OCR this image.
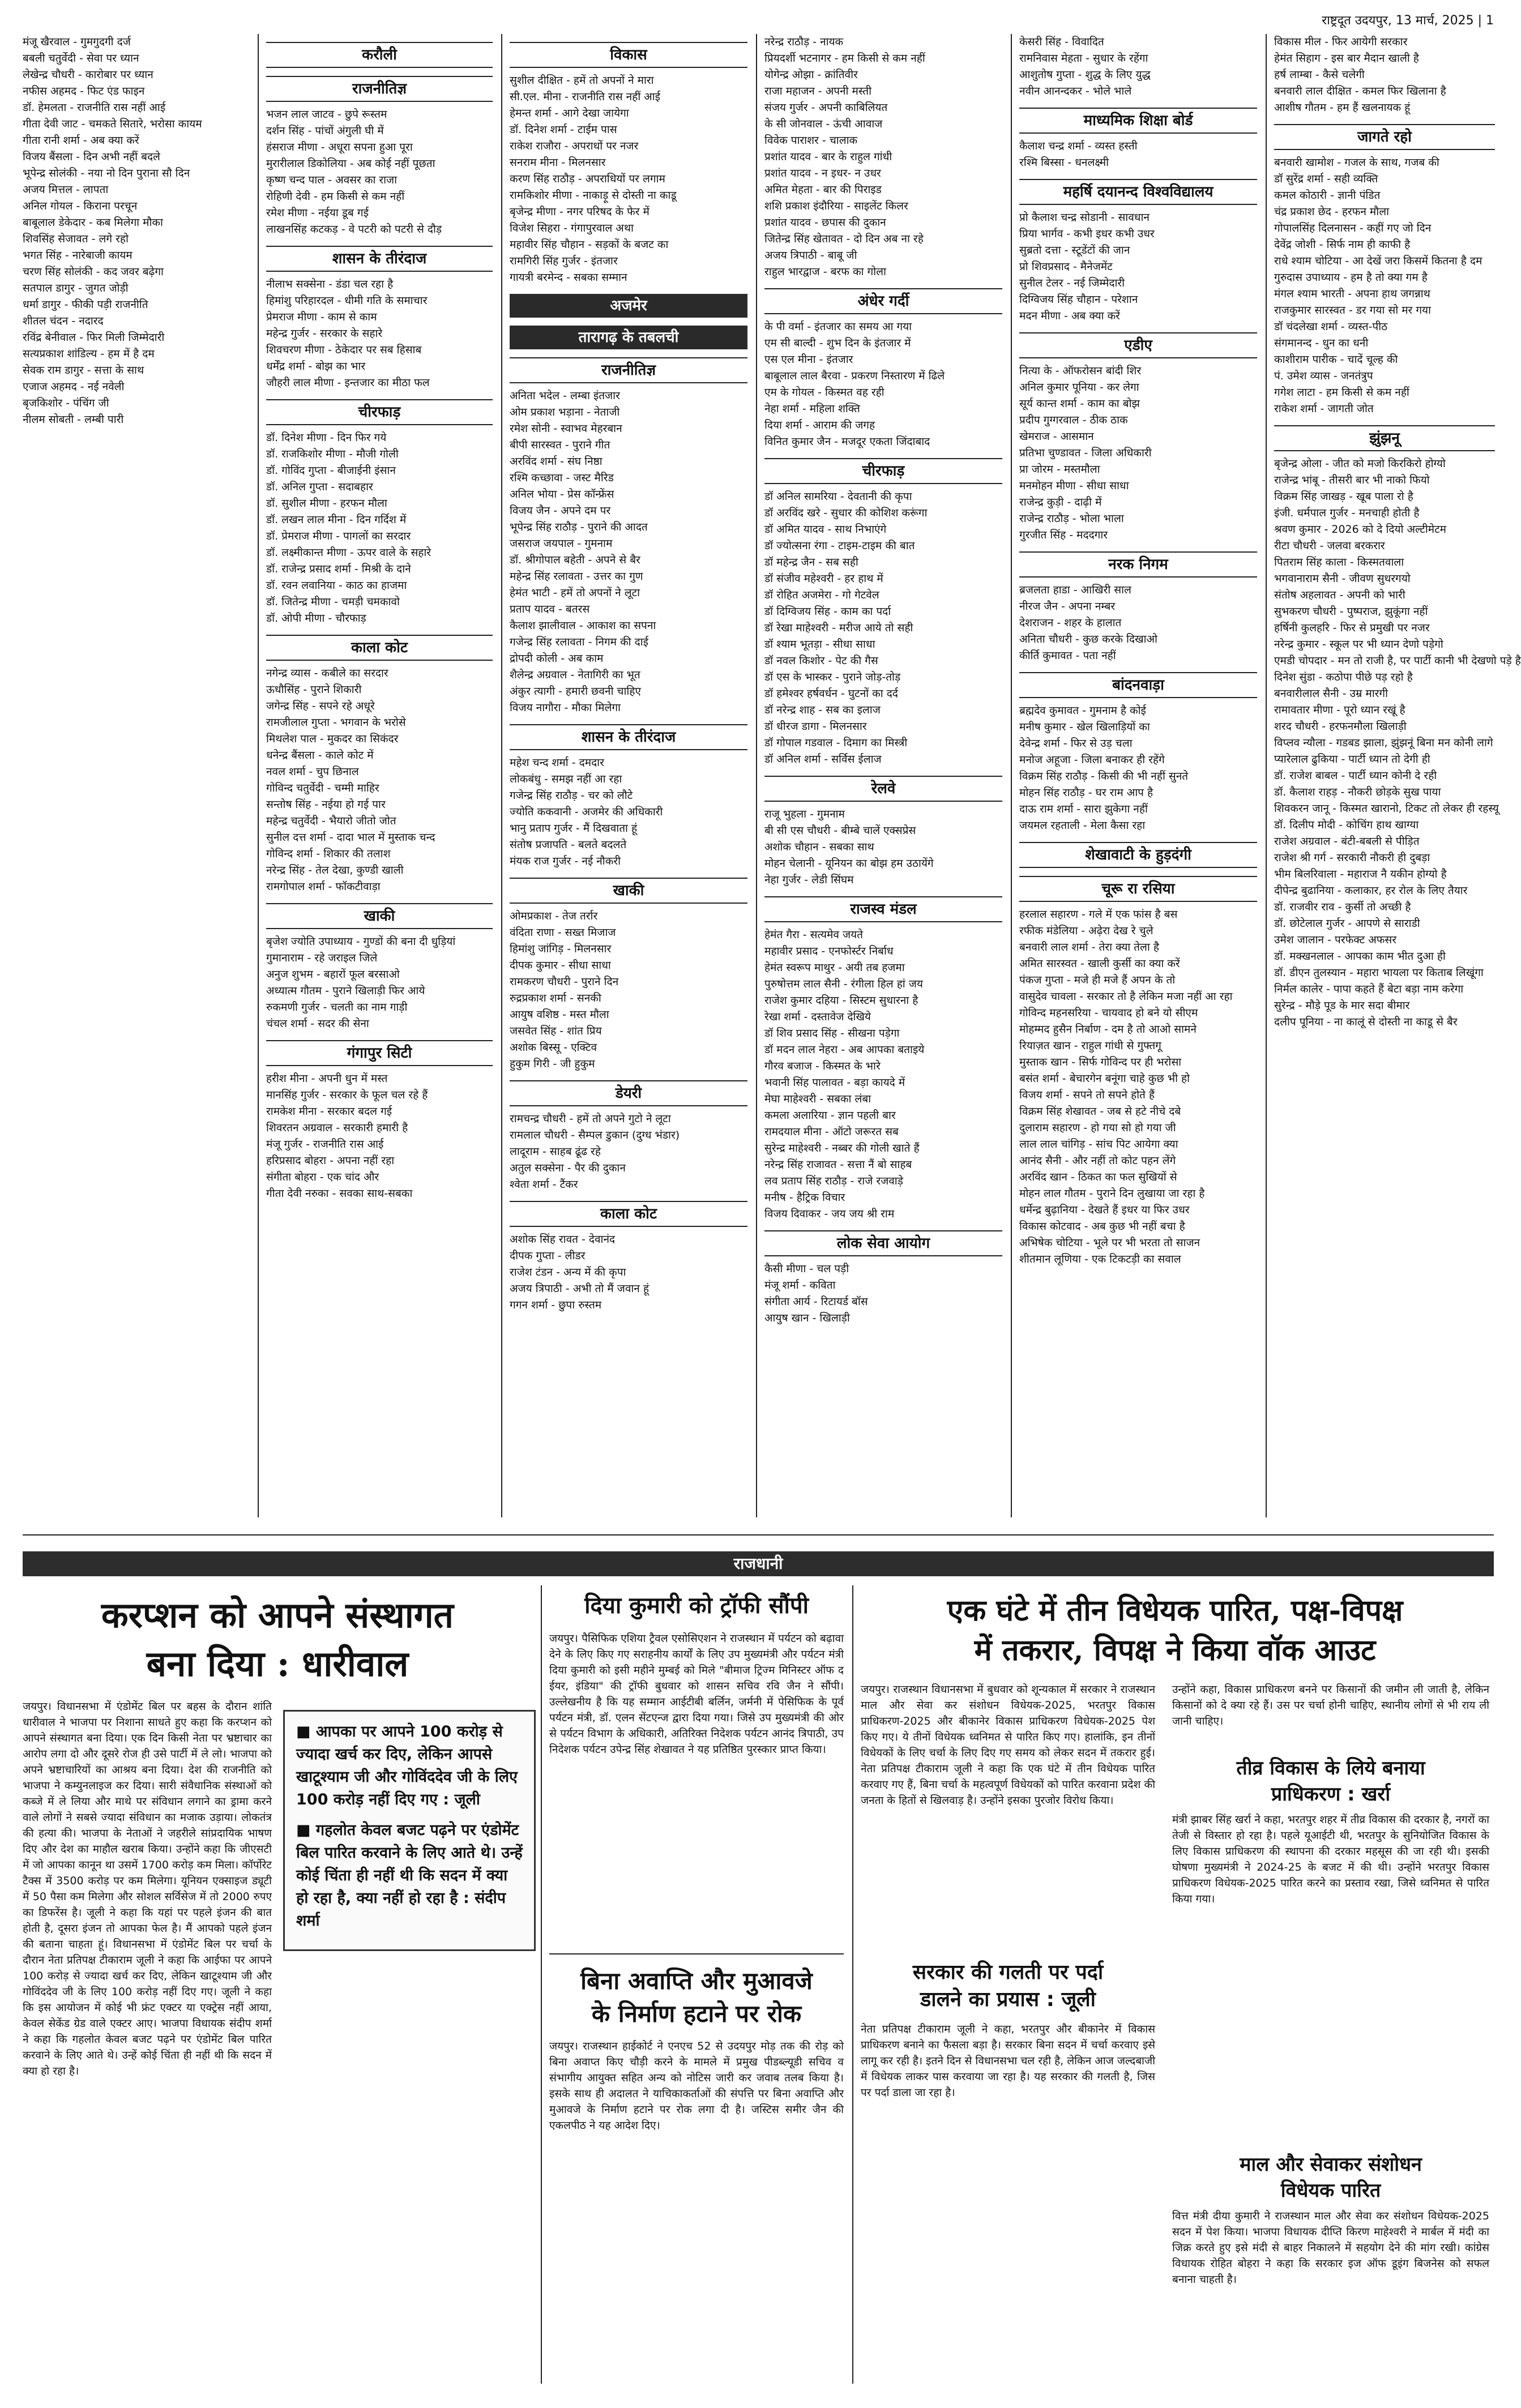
राष्ट्रदूत उदयपुर, 13 मार्च, 2025 | 1
मंजू खैरवाल - गुमगुदगी दर्ज
बबली चतुर्वेदी - सेवा पर ध्यान
लेखेन्द्र चौधरी - कारोबार पर ध्यान
नफीस अहमद - फिट एंड फाइन
डॉ. हेमलता - राजनीति रास नहीं आई
गीता देवी जाट - चमकते सितारे, भरोसा कायम
गीता रानी शर्मा - अब क्या करें
विजय बैंसला - दिन अभी नहीं बदले
भूपेन्द्र सोलंकी - नया नो दिन पुराना सौ दिन
अजय मित्तल - लापता
अनिल गोयल - किराना परचून
बाबूलाल डेकेदार - कब मिलेगा मौका
शिवसिंह सेजावत - लगे रहो
भगत सिंह - नारेबाजी कायम
चरण सिंह सोलंकी - कद जवर बढ़ेगा
सतपाल डागुर - जुगत जोड़ी
धर्मा डागुर - फीकी पड़ी राजनीति
शीतल चंदन - नदारद
रविंद्र बेनीवाल - फिर मिली जिम्मेदारी
सत्यप्रकाश शांडिल्य - हम में है दम
सेवक राम डागुर - सत्ता के साथ
एजाज अहमद - नई नवेली
बृजकिशोर - पंचिंग जी
नीलम सोबती - लम्बी पारी
करौली
राजनीतिज्ञ
भजन लाल जाटव - छुपे रूस्तम
दर्शन सिंह - पांचों अंगुली घी में
हंसराज मीणा - अधूरा सपना हुआ पूरा
मुरारीलाल डिकोलिया - अब कोई नहीं पूछता
कृष्ण चन्द पाल - अवसर का राजा
रोहिणी देवी - हम किसी से कम नहीं
रमेश मीणा - नईया डूब गई
लाखनसिंह कटकड़ - वे पटरी को पटरी से दौड़
शासन के तीरंदाज
नीलाभ सक्सेना - डंडा चल रहा है
हिमांशु परिहारदल - धीमी गति के समाचार
प्रेमराज मीणा - काम से काम
महेन्द्र गुर्जर - सरकार के सहारे
शिवचरण मीणा - ठेकेदार पर सब हिसाब
धर्मेंद्र शर्मा - बोझ का भार
जौहरी लाल मीणा - इन्तजार का मीठा फल
चीरफाड़
डॉ. दिनेश मीणा - दिन फिर गये
डॉ. राजकिशोर मीणा - मौजी गोली
डॉ. गोविंद गुप्ता - बीजाईनी इंसान
डॉ. अनिल गुप्ता - सदाबहार
डॉ. सुशील मीणा - हरफन मौला
डॉ. लखन लाल मीना - दिन गर्दिश में
डॉ. प्रेमराज मीणा - पागलों का सरदार
डॉ. लक्ष्मीकान्त मीणा - ऊपर वाले के सहारे
डॉ. राजेन्द्र प्रसाद शर्मा - मिश्री के दाने
डॉ. रवन लवानिया - काठ का हाजमा
डॉ. जितेन्द्र मीणा - चमड़ी चमकावो
डॉ. ओपी मीणा - चौरफाड़
काला कोट
नगेन्द्र व्यास - कबीले का सरदार
ऊधौसिंह - पुराने शिकारी
जगेन्द्र सिंह - सपने रहे अधूरे
रामजीलाल गुप्ता - भगवान के भरोसे
मिथलेश पाल - मुकदर का सिकंदर
धनेन्द्र बैंसला - काले कोट में
नवल शर्मा - चुप छिनाल
गोविन्द चतुर्वेदी - चम्मी माहिर
सन्तोष सिंह - नईया हो गई पार
महेन्द्र चतुर्वेदी - भैयारो जीतो जोत
सुनील दत्त शर्मा - दादा भाल में मुस्ताक चन्द
गोविन्द शर्मा - शिकार की तलाश
नरेन्द्र सिंह - तेल देखा, कुण्डी खाली
रामगोपाल शर्मा - फॉकटीवाड़ा
खाकी
बृजेश ज्योति उपाध्याय - गुण्डों की बना दी धुड़ियां
गुमानाराम - रहे जराइल जिले
अनुज शुभम - बहारों फूल बरसाओ
अध्यात्म गौतम - पुराने खिलाड़ी फिर आये
रुकमणी गुर्जर - चलती का नाम गाड़ी
चंचल शर्मा - सदर की सेना
गंगापुर सिटी
हरीश मीना - अपनी धुन में मस्त
मानसिंह गुर्जर - सरकार के फूल चल रहे हैं
रामकेश मीना - सरकार बदल गई
शिवरतन अग्रवाल - सरकारी हमारी है
मंजू गुर्जर - राजनीति रास आई
हरिप्रसाद बोहरा - अपना नहीं रहा
संगीता बोहरा - एक चांद और
गीता देवी नरुका - सवका साथ-सबका
विकास
सुशील दीक्षित - हमें तो अपनों ने मारा
सी.एल. मीना - राजनीति रास नहीं आई
हेमन्त शर्मा - आगे देखा जायेगा
डॉ. दिनेश शर्मा - टाईम पास
राकेश राजौरा - अपराधों पर नजर
सनराम मीना - मिलनसार
करण सिंह राठौड़ - अपराधियों पर लगाम
रामकिशोर मीणा - नाकाड़ू से दोस्ती ना काडू
बृजेन्द्र मीणा - नगर परिषद के फेर में
विजेश सिहरा - गंगापुरवाल अथा
महावीर सिंह चौहान - सड़कों के बजट का
रामगिरी सिंह गुर्जर - इंतजार
गायत्री बरमेन्द - सबका सम्मान
अजमेर
तारागढ़ के तबलची
राजनीतिज्ञ
अनिता भदेल - लम्बा इंतजार
ओम प्रकाश भड़ाना - नेताजी
रमेश सोनी - स्वाभव मेहरबान
बीपी सारस्वत - पुराने गीत
अरविंद शर्मा - संघ निष्ठा
रश्मि कच्छावा - जस्ट मैरिड
अनिल भोया - प्रेस कॉन्फ्रेंस
विजय जैन - अपने दम पर
भूपेन्द्र सिंह राठौड़ - पुराने की आदत
जसराज जयपाल - गुमनाम
डॉ. श्रीगोपाल बहेती - अपने से बैर
महेन्द्र सिंह रलावता - उत्तर का गुण
हेमंत भाटी - हमें तो अपनों ने लूटा
प्रताप यादव - बतरस
कैलाश झालीवाल - आकाश का सपना
गजेन्द्र सिंह रलावता - निगम की दाई
द्रोपदी कोली - अब काम
शैलेन्द्र अग्रवाल - नेतागिरी का भूत
अंकुर त्यागी - हमारी छवनी चाहिए
विजय नागौरा - मौका मिलेगा
शासन के तीरंदाज
महेश चन्द शर्मा - दमदार
लोकबंधु - समझ नहीं आ रहा
गजेन्द्र सिंह राठौड़ - चर को लौटे
ज्योति ककवानी - अजमेर की अधिकारी
भानु प्रताप गुर्जर - मैं दिखवाता हूं
संतोष प्रजापति - बलते बदलते
मंयक राज गुर्जर - नई नौकरी
खाकी
ओमप्रकाश - तेज तर्रार
वंदिता राणा - सख्त मिजाज
हिमांशु जांगिड़ - मिलनसार
दीपक कुमार - सीधा साधा
रामकरण चौधरी - पुराने दिन
रुद्रप्रकाश शर्मा - सनकी
आयुष वशिष्ठ - मस्त मौला
जसवेत सिंह - शांत प्रिय
अशोक बिस्सू - एक्टिव
हुकुम गिरी - जी हुकुम
डेयरी
रामचन्द्र चौधरी - हमें तो अपने गुटो ने लूटा
रामलाल चौधरी - सैम्पल डुकान (दुग्ध भंडार)
लादूराम - साहब ढूंढ रहे
अतुल सक्सेना - पैर की दुकान
श्वेता शर्मा - टैंकर
काला कोट
अशोक सिंह रावत - देवानंद
दीपक गुप्ता - लीडर
राजेश टंडन - अन्य में की कृपा
अजय त्रिपाठी - अभी तो मैं जवान हूं
गगन शर्मा - छुपा रुस्तम
नरेन्द्र राठौड़ - नायक
प्रियदर्शी भटनागर - हम किसी से कम नहीं
योगेन्द्र ओझा - क्रांतिवीर
राजा महाजन - अपनी मस्ती
संजय गुर्जर - अपनी काबिलियत
के सी जोनवाल - ऊंची आवाज
विवेक पाराशर - चालाक
प्रशांत यादव - बार के राहुल गांधी
प्रशांत यादव - न इधर- न उधर
अमित मेहता - बार की पिराइड
शशि प्रकाश इंदौरिया - साइलेंट किलर
प्रशांत यादव - छपास की दुकान
जितेन्द्र सिंह खेतावत - दो दिन अब ना रहे
अजय त्रिपाठी - बाबू जी
राहुल भारद्वाज - बरफ का गोला
अंधेर गर्दी
के पी वर्मा - इंतजार का समय आ गया
एम सी बाल्दी - शुभ दिन के इंतजार में
एस एल मीना - इंतजार
बाबूलाल लाल बैरवा - प्रकरण निस्तारण में ढिले
एम के गोयल - किस्मत वह रही
नेहा शर्मा - महिला शक्ति
दिया शर्मा - आराम की जगह
विनित कुमार जैन - मजदूर एकता जिंदाबाद
चीरफाड़
डॉ अनिल सामरिया - देवतानी की कृपा
डॉ अरविंद खरे - सुधार की कोशिश करूंगा
डॉ अमित यादव - साथ निभाएंगे
डॉ ज्योत्सना रंगा - टाइम-टाइम की बात
डॉ महेन्द्र जैन - सब सही
डॉ संजीव महेश्वरी - हर हाथ में
डॉ रोहित अजमेरा - गो गेटवेल
डॉ दिग्विजय सिंह - काम का पर्दा
डॉ रेखा माहेश्वरी - मरीज आये तो सही
डॉ श्याम भूतड़ा - सीधा साधा
डॉ नवल किशोर - पेट की गैस
डॉ एस के भास्कर - पुराने जोड़-तोड़
डॉ हमेश्वर हर्षवर्धन - घुटनों का दर्द
डॉ नरेन्द्र शाह - सब का इलाज
डॉ धीरज डागा - मिलनसार
डॉ गोपाल गडवाल - दिमाग का मिस्त्री
डॉ अनिल शर्मा - सर्विस ईलाज
रेलवे
राजू भुहला - गुमनाम
बी सी एस चौधरी - बीम्बे चालें एक्सप्रेस
अशोक चौहान - सबका साथ
मोहन चेलानी - यूनियन का बोझ हम उठायेंगे
नेहा गुर्जर - लेडी सिंघम
राजस्व मंडल
हेमंत गैरा - सत्यमेव जयते
महावीर प्रसाद - एनफोर्स्टर निर्बाध
हेमंत स्वरूप माथुर - अयी तब हजमा
पुरुषोत्तम लाल सैनी - रंगीला हिल हां जय
राजेश कुमार दहिया - सिस्टम सुधारना है
रेखा शर्मा - दस्तावेज देखिये
डॉ शिव प्रसाद सिंह - सीखना पड़ेगा
डॉ मदन लाल नेहरा - अब आपका बताइये
गौरव बजाज - किस्मत के भारे
भवानी सिंह पालावत - बड़ा कायदे में
मेघा माहेश्वरी - सबका लंबा
कमला अलारिया - ज्ञान पहली बार
रामदयाल मीना - ऑटो जरूरत सब
सुरेन्द्र माहेश्वरी - नब्बर की गोली खाते हैं
नरेन्द्र सिंह राजावत - सत्ता नैं बो साहब
लव प्रताप सिंह राठौड़ - राजे रजवाड़े
मनीष - हैट्रिक विचार
विजय दिवाकर - जय जय श्री राम
लोक सेवा आयोग
कैसी मीणा - चल पड़ी
मंजू शर्मा - कविता
संगीता आर्य - रिटायर्ड बॉस
आयुष खान - खिलाड़ी
केसरी सिंह - विवादित
रामनिवास मेहता - सुधार के रहेंगा
आशुतोष गुप्ता - शुद्ध के लिए युद्ध
नवीन आनन्दकर - भोले भाले
माध्यमिक शिक्षा बोर्ड
कैलाश चन्द्र शर्मा - व्यस्त हस्ती
रश्मि बिस्सा - धनलक्ष्मी
महर्षि दयानन्द विश्वविद्यालय
प्रो कैलाश चन्द्र सोडानी - सावधान
प्रिया भार्गव - कभी इधर कभी उधर
सुब्रतो दत्ता - स्टूडेंटों की जान
प्रो शिवप्रसाद - मैनेजमेंट
सुनील टेलर - नई जिम्मेदारी
दिग्विजय सिंह चौहान - परेशान
मदन मीणा - अब क्या करें
एडीए
नित्या के - ऑफरोसन बांदी शिर
अनिल कुमार पूनिया - कर लेगा
सूर्य कान्त शर्मा - काम का बोझ
प्रदीप गुग्गरवाल - ठीक ठाक
खेमराज - आसमान
प्रतिभा चुण्डावत - जिला अधिकारी
प्रा जोरम - मस्तमौला
मनमोहन मीणा - सीधा साधा
राजेन्द्र कुड़ी - दाढ़ी में
राजेन्द्र राठौड़ - भोला भाला
गुरजीत सिंह - मददगार
नरक निगम
ब्रजलता हाडा - आखिरी साल
नीरज जैन - अपना नम्बर
देशराजन - शहर के हालात
अनिता चौधरी - कुछ करके दिखाओ
कीर्ति कुमावत - पता नहीं
बांदनवाड़ा
ब्रह्मदेव कुमावत - गुमनाम है कोई
मनीष कुमार - खेल खिलाड़ियों का
देवेन्द्र शर्मा - फिर से उड़ चला
मनोज अहूजा - जिला बनाकर ही रहेंगे
विक्रम सिंह राठौड़ - किसी की भी नहीं सुनते
मोहन सिंह राठौड़ - घर राम आप है
दाऊ राम शर्मा - सारा झुकेगा नहीं
जयमल रहताली - मेला कैसा रहा
शेखावाटी के हुड़दंगी
चूरू रा रसिया
हरलाल सहारण - गले में एक फांस है बस
रफीक मंडेलिया - अढ़ेरा देख रे चुले
बनवारी लाल शर्मा - तेरा क्या तेला है
अमित सारस्वत - खाली कुर्सी का क्या करें
पंकज गुप्ता - मजे ही मजे हैं अपन के तो
वासुदेव चावला - सरकार तो है लेकिन मजा नहीं आ रहा
गोविन्द महनसरिया - चायवाद हो बने यो सीएम
मोहम्मद हुसैन निर्बाण - दम है तो आओ सामने
रियाज़त खान - राहुल गांधी से गुफ्तगू
मुस्ताक खान - सिर्फ गोविन्द पर ही भरोसा
बसंत शर्मा - बेचारगेन बनूंगा चाहे कुछ भी हो
विजय शर्मा - सपने तो सपने होते हैं
विक्रम सिंह शेखावत - जब से हटे नीचे दबे
दुलाराम सहारण - हो गया सो हो गया जी
लाल लाल चांगिड़ - सांच पिट आयेगा क्या
आनंद सैनी - और नहीं तो कोट पहन लेंगे
अरविंद खान - ठिकत का फल सुखियों से
मोहन लाल गौतम - पुराने दिन लुखाया जा रहा है
धर्मेन्द्र बुढ़ानिया - देखते हैं इधर या फिर उधर
विकास कोटवाद - अब कुछ भी नहीं बचा है
अभिषेक चोटिया - भूले पर भी भरता तो साजन
शीतमान लूणिया - एक टिकटड़ी का सवाल
विकास मील - फिर आयेगी सरकार
हेमंत सिहाग - इस बार मैदान खाली है
हर्ष लाम्बा - कैसे चलेगी
बनवारी लाल दीक्षित - कमल फिर खिलाना है
आशीष गौतम - हम हैं खलनायक हूं
जागते रहो
बनवारी खामोश - गजल के साथ, गजब की
डॉ सुरेंद्र शर्मा - सही व्यक्ति
कमल कोठारी - ज्ञानी पंडित
चंद्र प्रकाश छेद - हरफन मौला
गोपालसिंह दिलनासन - कहीं गए जो दिन
देवेंद्र जोशी - सिर्फ नाम ही काफी है
राधे श्याम चोटिया - आ देखें जरा किसमें कितना है दम
गुरुदास उपाध्याय - हम है तो क्या गम है
मंगल श्याम भारती - अपना हाथ जगन्नाथ
राजकुमार सारस्वत - डर गया सो मर गया
डॉ चंदलेखा शर्मा - व्यस्त-पीठ
संगमानन्द - धुन का धनी
काशीराम पारीक - चादें चूल्ह की
पं. उमेश व्यास - जनतंत्रुप
गगेश लाटा - हम किसी से कम नहीं
राकेश शर्मा - जागती जोत
झुंझनू
बृजेन्द्र ओला - जीत को मजो किरकिरो होग्यो
राजेन्द्र भांबू - तीसरी बार भी नाको फियो
विक्रम सिंह जाखड़ - खूब पाला रो है
इंजी. धर्मपाल गुर्जर - मनचाही होती है
श्रवण कुमार - 2026 को दे दियो अल्टीमेटम
रीटा चौधरी - जलवा बरकरार
पितराम सिंह काला - किस्मतवाला
भगवानाराम सैनी - जीवण सुधरगयो
संतोष अहलावत - अपनी को भारी
सुभकरण चौधरी - पुष्पराज, झुकूंगा नहीं
हर्षिनी कुलहरि - फिर से प्रमुखी पर नजर
नरेन्द्र कुमार - स्कूल पर भी ध्यान देणो पड़ेगो
एमडी चोपदार - मन तो राजी है, पर पार्टी कानी भी देखणो पड़े है
दिनेश सुंडा - कठोपा पीछे पड़ रहो है
बनवारीलाल सैनी - उम्र मारगी
रामावतार मीणा - पूरो ध्यान रखूं है
शरद चौधरी - हरफनमौला खिलाड़ी
विप्लव न्यौला - गडबड झाला, झुंझनूं बिना मन कोनी लागे
प्यारेलाल ढुकिया - पार्टी ध्यान तो देगी ही
डॉ. राजेश बाबल - पार्टी ध्यान कोनी दे रही
डॉ. कैलाश राहड़ - नौकरी छोड़के सुख पाया
शिवकरन जानू - किस्मत खारानो, टिकट तो लेकर ही रहस्यू
डॉ. दिलीप मोदी - कोचिंग हाथ खाग्या
राजेश अग्रवाल - बंटी-बबली से पीड़ित
राजेश श्री गर्ग - सरकारी नौकरी ही दुबड़ा
भीम बिलरिवाला - महाराज नै यकीन होग्यो है
दीपेन्द्र बुढानिया - कलाकार, हर रोल के लिए तैयार
डॉ. राजवीर राव - कुर्सी तो अच्छी है
डॉ. छोटेलाल गुर्जर - आपणे से साराडी
उमेश जालान - परफेक्ट अफसर
डॉ. मक्खनलाल - आपका काम भीत दुआ ही
डॉ. डीएन तुलस्यान - महारा भायला पर किताब लिखूंगा
निर्मल कालेर - पापा कहते हैं बेटा बड़ा नाम करेगा
सुरेन्द्र - मौड़े पूड के मार सदा बीमार
दलीप पूनिया - ना कालूं से दोस्ती ना काडू से बैर
राजधानी
करप्शन को आपने संस्थागत
बना दिया : धारीवाल
जयपुर। विधानसभा में एंडोमेंट बिल पर बहस के दौरान शांति धारीवाल ने भाजपा पर निशाना साधते हुए कहा कि करप्शन को आपने संस्थागत बना दिया। एक दिन किसी नेता पर भ्रष्टाचार का आरोप लगा दो और दूसरे रोज ही उसे पार्टी में ले लो। भाजपा को अपने भ्रष्टाचारियों का आश्रय बना दिया। देश की राजनीति को भाजपा ने कम्युनलाइज कर दिया। सारी संवैधानिक संस्थाओं को कब्जे में ले लिया और माथे पर संविधान लगाने का ड्रामा करने वाले लोगों ने सबसे ज्यादा संविधान का मजाक उड़ाया। लोकतंत्र की हत्या की। भाजपा के नेताओं ने जहरीले सांप्रदायिक भाषण दिए और देश का माहौल खराब किया। उन्होंने कहा कि जीएसटी में जो आपका कानून था उसमें 1700 करोड़ कम मिला। कॉर्पोरेट टैक्स में 3500 करोड़ पर कम मिलेगा। यूनियन एक्साइज ड्यूटी में 50 पैसा कम मिलेगा और सोशल सर्विसेज में तो 2000 रुपए का डिफरेंस है। जूली ने कहा कि यहां पर पहले इंजन की बात होती है, दूसरा इंजन तो आपका फेल है। मैं आपको पहले इंजन की बताना चाहता हूं। विधानसभा में एंडोमेंट बिल पर चर्चा के दौरान नेता प्रतिपक्ष टीकाराम जूली ने कहा कि आईफा पर आपने 100 करोड़ से ज्यादा खर्च कर दिए, लेकिन खाटूश्याम जी और गोविंददेव जी के लिए 100 करोड़ नहीं दिए गए। जूली ने कहा कि इस आयोजन में कोई भी फ्रंट एक्टर या एक्ट्रेस नहीं आया, केवल सेकेंड ग्रेड वाले एक्टर आए। भाजपा विधायक संदीप शर्मा ने कहा कि गहलोत केवल बजट पढ़ने पर एंडोमेंट बिल पारित करवाने के लिए आते थे। उन्हें कोई चिंता ही नहीं थी कि सदन में क्या हो रहा है।
■ आपका पर आपने 100 करोड़ से ज्यादा खर्च कर दिए, लेकिन आपसे खाटूश्याम जी और गोविंददेव जी के लिए 100 करोड़ नहीं दिए गए : जूली
■ गहलोत केवल बजट पढ़ने पर एंडोमेंट बिल पारित करवाने के लिए आते थे। उन्हें कोई चिंता ही नहीं थी कि सदन में क्या हो रहा है, क्या नहीं हो रहा है : संदीप शर्मा
दिया कुमारी को ट्रॉफी सौंपी
जयपुर। पैसिफिक एशिया ट्रैवल एसोसिएशन ने राजस्थान में पर्यटन को बढ़ावा देने के लिए किए गए सराहनीय कार्यों के लिए उप मुख्यमंत्री और पर्यटन मंत्री दिया कुमारी को इसी महीने मुम्बई को मिले "बीमाज ट्रिज्म मिनिस्टर ऑफ द ईयर, इंडिया" की ट्रॉफी बुधवार को शासन सचिव रवि जैन ने सौंपी। उल्लेखनीय है कि यह सम्मान आईटीबी बर्लिन, जर्मनी में पेसिफिक के पूर्व पर्यटन मंत्री, डॉ. एलन सेंटएन्ज द्वारा दिया गया। जिसे उप मुख्यमंत्री की ओर से पर्यटन विभाग के अधिकारी, अतिरिक्त निदेशक पर्यटन आनंद त्रिपाठी, उप निदेशक पर्यटन उपेन्द्र सिंह शेखावत ने यह प्रतिष्ठित पुरस्कार प्राप्त किया।
बिना अवाप्ति और मुआवजे
के निर्माण हटाने पर रोक
जयपुर। राजस्थान हाईकोर्ट ने एनएच 52 से उदयपुर मोड़ तक की रोड़ को बिना अवाप्त किए चौड़ी करने के मामले में प्रमुख पीडब्ल्यूडी सचिव व संभागीय आयुक्त सहित अन्य को नोटिस जारी कर जवाब तलब किया है। इसके साथ ही अदालत ने याचिकाकर्ताओं की संपत्ति पर बिना अवाप्ति और मुआवजे के निर्माण हटाने पर रोक लगा दी है। जस्टिस समीर जैन की एकलपीठ ने यह आदेश दिए।
एक घंटे में तीन विधेयक पारित, पक्ष-विपक्ष
में तकरार, विपक्ष ने किया वॉक आउट
जयपुर। राजस्थान विधानसभा में बुधवार को शून्यकाल में सरकार ने राजस्थान माल और सेवा कर संशोधन विधेयक-2025, भरतपुर विकास प्राधिकरण-2025 और बीकानेर विकास प्राधिकरण विधेयक-2025 पेश किए गए। ये तीनों विधेयक ध्वनिमत से पारित किए गए। हालांकि, इन तीनों विधेयकों के लिए चर्चा के लिए दिए गए समय को लेकर सदन में तकरार हुई। नेता प्रतिपक्ष टीकाराम जूली ने कहा कि एक घंटे में तीन विधेयक पारित करवाए गए हैं, बिना चर्चा के महत्वपूर्ण विधेयकों को पारित करवाना प्रदेश की जनता के हितों से खिलवाड़ है। उन्होंने इसका पुरजोर विरोध किया।
सरकार की गलती पर पर्दा
डालने का प्रयास : जूली
नेता प्रतिपक्ष टीकाराम जूली ने कहा, भरतपुर और बीकानेर में विकास प्राधिकरण बनाने का फैसला बड़ा है। सरकार बिना सदन में चर्चा करवाए इसे लागू कर रही है। इतने दिन से विधानसभा चल रही है, लेकिन आज जल्दबाजी में विधेयक लाकर पास करवाया जा रहा है। यह सरकार की गलती है, जिस पर पर्दा डाला जा रहा है।
उन्होंने कहा, विकास प्राधिकरण बनने पर किसानों की जमीन ली जाती है, लेकिन किसानों को दे क्या रहे हैं। उस पर चर्चा होनी चाहिए, स्थानीय लोगों से भी राय ली जानी चाहिए।
तीव्र विकास के लिये बनाया
प्राधिकरण : खर्रा
मंत्री झाबर सिंह खर्रा ने कहा, भरतपुर शहर में तीव्र विकास की दरकार है, नगरों का तेजी से विस्तार हो रहा है। पहले यूआईटी थी, भरतपुर के सुनियोजित विकास के लिए विकास प्राधिकरण की स्थापना की दरकार महसूस की जा रही थी। इसकी घोषणा मुख्यमंत्री ने 2024-25 के बजट में की थी। उन्होंने भरतपुर विकास प्राधिकरण विधेयक-2025 पारित करने का प्रस्ताव रखा, जिसे ध्वनिमत से पारित किया गया।
माल और सेवाकर संशोधन
विधेयक पारित
वित्त मंत्री दीया कुमारी ने राजस्थान माल और सेवा कर संशोधन विधेयक-2025 सदन में पेश किया। भाजपा विधायक दीप्ति किरण माहेश्वरी ने मार्बल में मंदी का जिक्र करते हुए इसे मंदी से बाहर निकालने में सहयोग देने की मांग रखी। कांग्रेस विधायक रोहित बोहरा ने कहा कि सरकार इज ऑफ डूइंग बिजनेस को सफल बनाना चाहती है।
